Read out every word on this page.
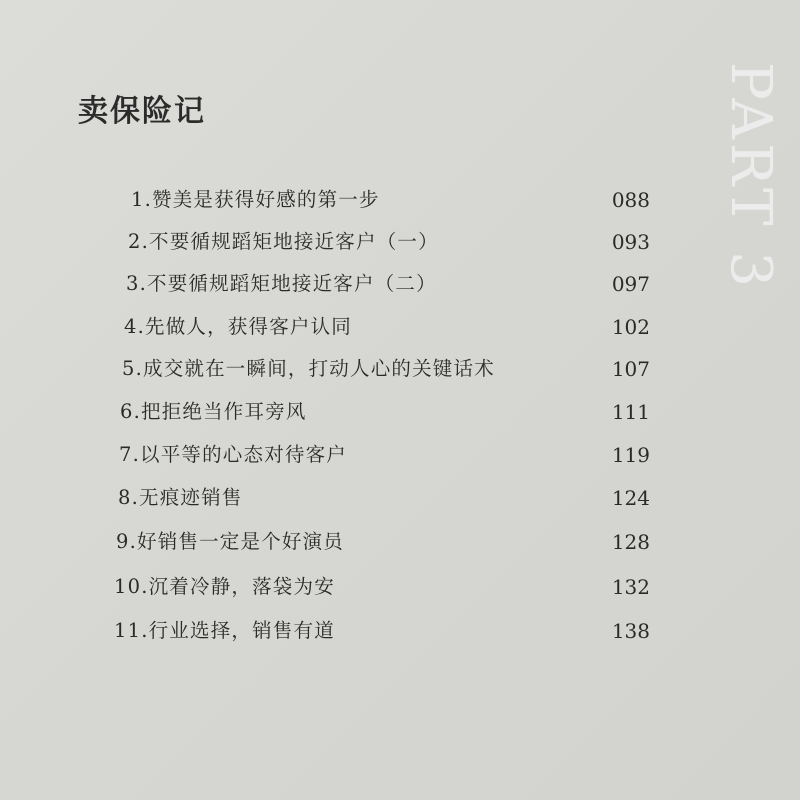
卖保险记	PART 3
1.赞美是获得好感的第一步	088
2.不要循规蹈矩地接近客户（一）	093
3.不要循规蹈矩地接近客户（二）	097
4.先做人，获得客户认同	102
5.成交就在一瞬间，打动人心的关键话术	107
6.把拒绝当作耳旁风	111
7.以平等的心态对待客户	119
8.无痕迹销售	124
9.好销售一定是个好演员	128
10.沉着冷静，落袋为安	132
11.行业选择，销售有道	138
